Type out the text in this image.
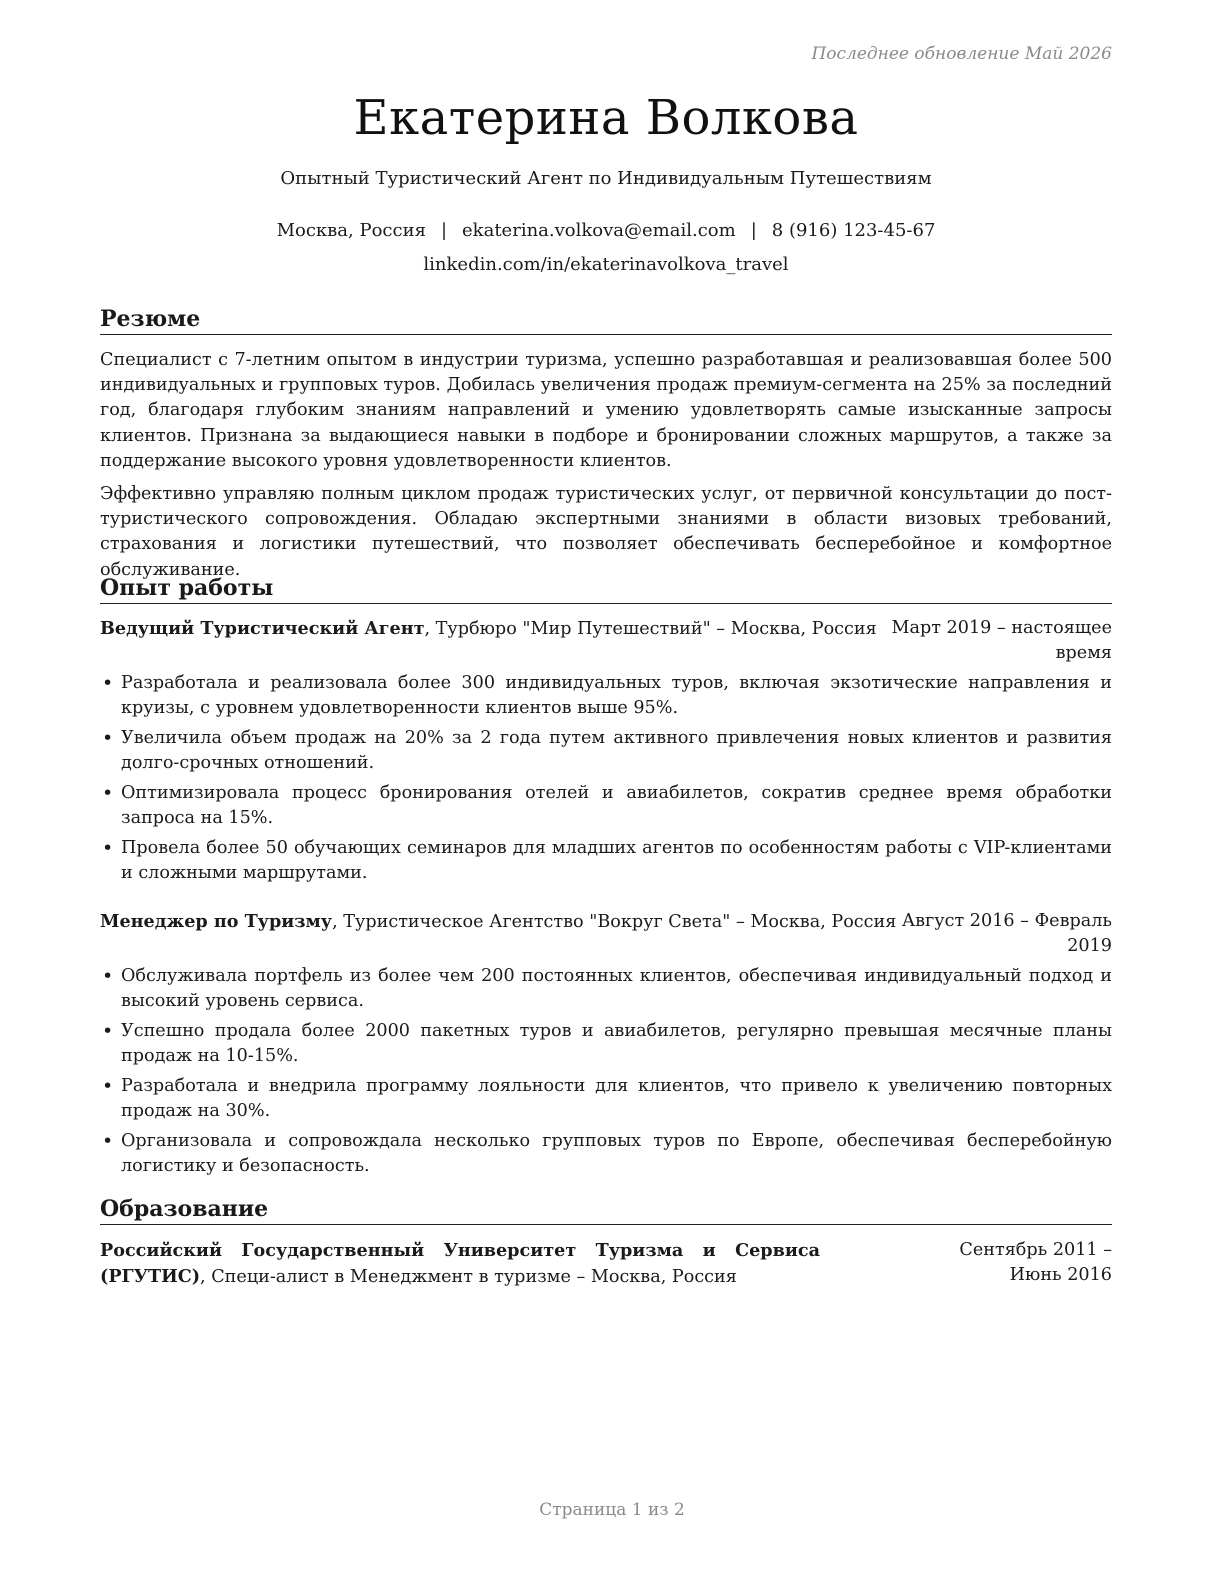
Последнее обновление Май 2026
Екатерина Волкова
Опытный Туристический Агент по Индивидуальным Путешествиям
Москва, Россия | ekaterina.volkova@email.com | 8 (916) 123-45-67
linkedin.com/in/ekaterinavolkova_travel
Резюме
Специалист с 7-летним опытом в индустрии туризма, успешно разработавшая и реализовавшая более 500 индивидуальных и групповых туров. Добилась увеличения продаж премиум-сегмента на 25% за последний год, благодаря глубоким знаниям направлений и умению удовлетворять самые изысканные запросы клиентов. Признана за выдающиеся навыки в подборе и бронировании сложных маршрутов, а также за поддержание высокого уровня удовлетворенности клиентов.
Эффективно управляю полным циклом продаж туристических услуг, от первичной консультации до пост-туристического сопровождения. Обладаю экспертными знаниями в области визовых требований, страхования и логистики путешествий, что позволяет обеспечивать бесперебойное и комфортное обслуживание.
Опыт работы
Ведущий Туристический Агент, Турбюро "Мир Путешествий" – Москва, Россия Март 2019 – настоящее время
• Разработала и реализовала более 300 индивидуальных туров, включая экзотические направления и круизы, с уровнем удовлетворенности клиентов выше 95%.
• Увеличила объем продаж на 20% за 2 года путем активного привлечения новых клиентов и развития долго-срочных отношений.
• Оптимизировала процесс бронирования отелей и авиабилетов, сократив среднее время обработки запроса на 15%.
• Провела более 50 обучающих семинаров для младших агентов по особенностям работы с VIP-клиентами и сложными маршрутами.
Менеджер по Туризму, Туристическое Агентство "Вокруг Света" – Москва, Россия Август 2016 – Февраль 2019
• Обслуживала портфель из более чем 200 постоянных клиентов, обеспечивая индивидуальный подход и высокий уровень сервиса.
• Успешно продала более 2000 пакетных туров и авиабилетов, регулярно превышая месячные планы продаж на 10-15%.
• Разработала и внедрила программу лояльности для клиентов, что привело к увеличению повторных продаж на 30%.
• Организовала и сопровождала несколько групповых туров по Европе, обеспечивая бесперебойную логистику и безопасность.
Образование
Российский Государственный Университет Туризма и Сервиса (РГУТИС), Специ-алист в Менеджмент в туризме – Москва, Россия
Сентябрь 2011 – Июнь 2016
Страница 1 из 2
